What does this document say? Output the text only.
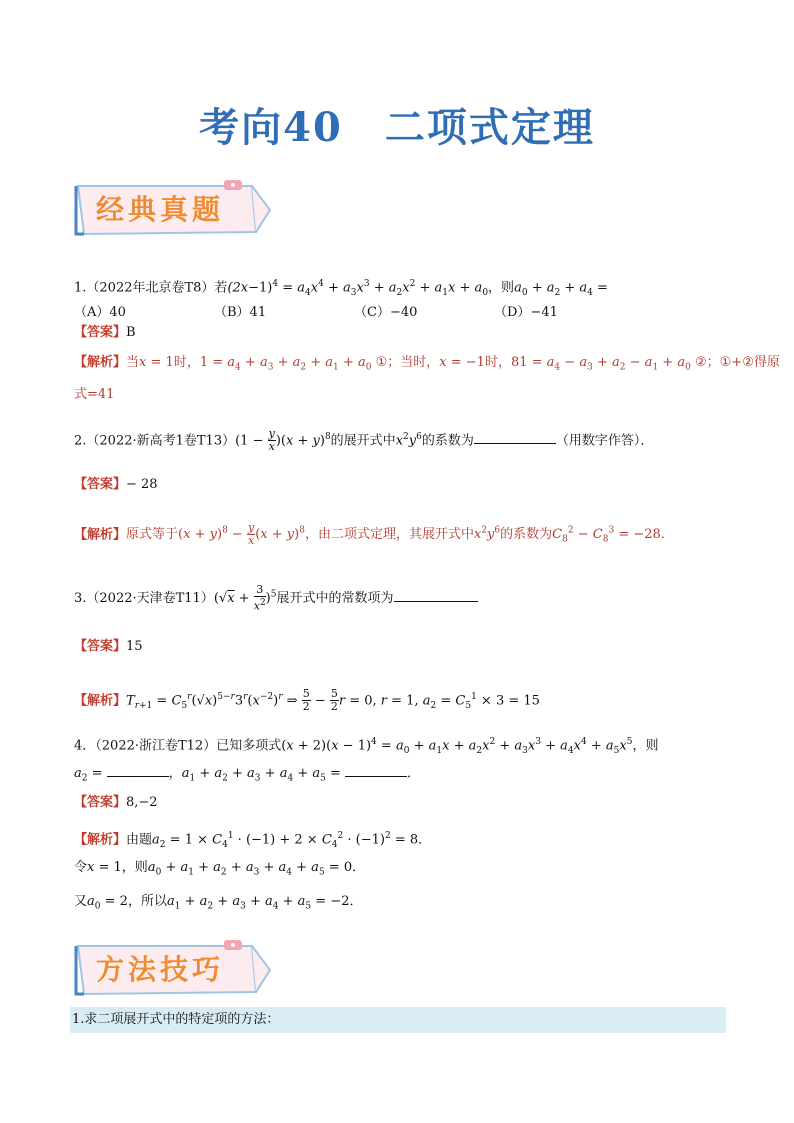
考向40 二项式定理
经典真题
1.（2022年北京卷T8）若$(2x-1)^4 = a_4x^4 + a_3x^3 + a_2x^2 + a_1x + a_0$，则$a_0 + a_2 + a_4$ =
（A）40	（B）41	（C）−40	（D）−41
【答案】B
【解析】当x = 1时，$1 = a_4 + a_3 + a_2 + a_1 + a_0$ ①；当时，x = −1时，$81 = a_4 - a_3 + a_2 - a_1 + a_0$ ②；①+②得原
式=41
2.（2022·新高考1卷$T13)(1 - \frac{y}{x} )(x + y)^8$的展开式中$x^2y^6$的系数为	（用数字作答）．
【答案】− 28
【解析】原式等于$(x + y)^8 - \frac{y}{x} (x + y)^8$，由二项式定理，其展开式中$x^2y^6$的系数为$C_8^2 - C_8^3 = -28$．
3.（2022·天津卷$T11)(√x + \frac{3}{x^2} )^5$展开式中的常数项为
【答案】15
【解析】$T_{r+1} = C_5^r(√x)^{5-r}3^r(x^{-2})^r$ ⇒ $\frac{5}{2} - \frac{5}{2}$ r = 0, r = 1, $a_2 = C_5^1 \times 3 = 15$
4．（2022·浙江卷T12）已知多项式$(x + 2)(x - 1)^4 = a_0 + a_1x + a_2x^2 + a_3x^3 + a_4x^4 + a_5x^5$，则
$a_2$ =	，$a_1 + a_2 + a_3 + a_4 + a_5$ =	．
【答案】8,−2
【解析】由题$a_2 = 1 \times C_4^1 \cdot (-1) + 2 \times C_4^2 \cdot (-1)^2 = 8$．
令x = 1，则$a_0 + a_1 + a_2 + a_3 + a_4 + a_5 = 0$．
又$a_0 = 2$，所以$a_1 + a_2 + a_3 + a_4 + a_5 = -2$．
方法技巧
1.求二项展开式中的特定项的方法：
